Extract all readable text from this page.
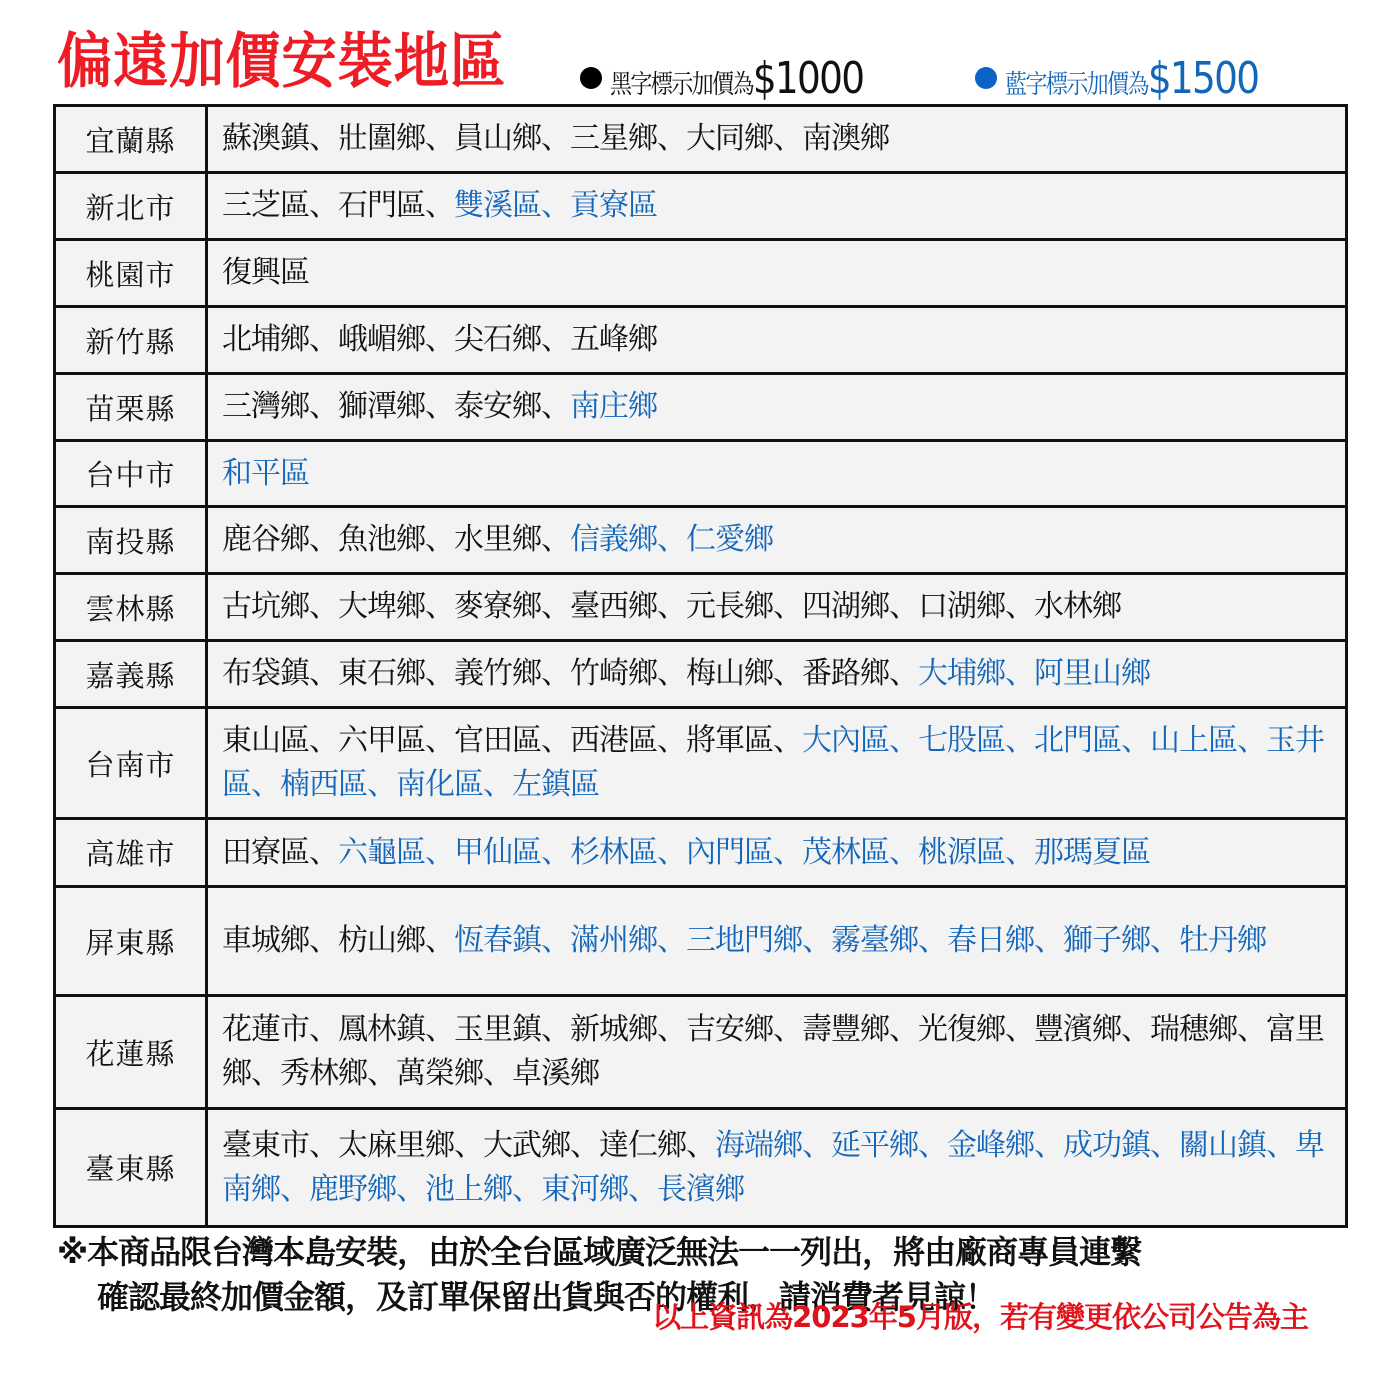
偏遠加價安裝地區	黑字標示加價為$1000	藍字標示加價為$1500
宜蘭縣	蘇澳鎮、壯圍鄉、員山鄉、三星鄉、大同鄉、南澳鄉
新北市	三芝區、石門區、雙溪區、貢寮區
桃園市	復興區
新竹縣	北埔鄉、峨嵋鄉、尖石鄉、五峰鄉
苗栗縣	三灣鄉、獅潭鄉、泰安鄉、南庄鄉
台中市	和平區
南投縣	鹿谷鄉、魚池鄉、水里鄉、信義鄉、仁愛鄉
雲林縣	古坑鄉、大埤鄉、麥寮鄉、臺西鄉、元長鄉、四湖鄉、口湖鄉、水林鄉
嘉義縣	布袋鎮、東石鄉、義竹鄉、竹崎鄉、梅山鄉、番路鄉、大埔鄉、阿里山鄉
台南市	東山區、六甲區、官田區、西港區、將軍區、大內區、七股區、北門區、山上區、玉井區、楠西區、南化區、左鎮區
高雄市	田寮區、六龜區、甲仙區、杉林區、內門區、茂林區、桃源區、那瑪夏區
屏東縣	車城鄉、枋山鄉、恆春鎮、滿州鄉、三地門鄉、霧臺鄉、春日鄉、獅子鄉、牡丹鄉
花蓮縣	花蓮市、鳳林鎮、玉里鎮、新城鄉、吉安鄉、壽豐鄉、光復鄉、豐濱鄉、瑞穗鄉、富里鄉、秀林鄉、萬榮鄉、卓溪鄉
臺東縣	臺東市、太麻里鄉、大武鄉、達仁鄉、海端鄉、延平鄉、金峰鄉、成功鎮、關山鎮、卑南鄉、鹿野鄉、池上鄉、東河鄉、長濱鄉
※本商品限台灣本島安裝，由於全台區域廣泛無法一一列出，將由廠商專員連繫
確認最終加價金額，及訂單保留出貨與否的權利，請消費者見諒！
以上資訊為2023年5月版，若有變更依公司公告為主
